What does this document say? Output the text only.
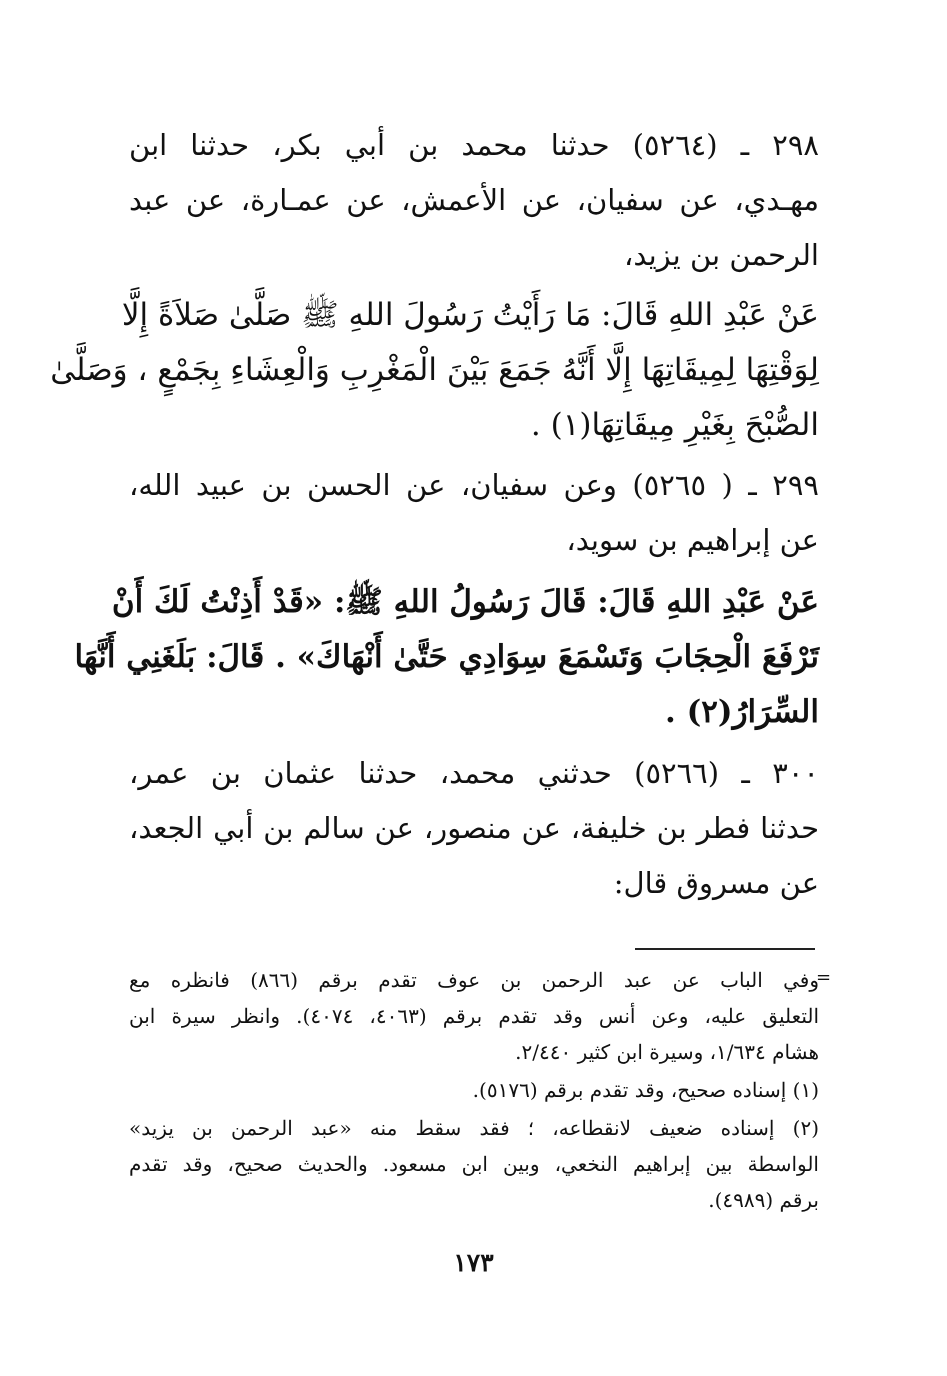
٢٩٨ ـ (٥٢٦٤) حدثنا محمد بن أبي بكر، حدثنا ابن
مهـدي، عن سفيان، عن الأعمش، عن عمـارة، عن عبد
الرحمن بن يزيد،
عَنْ عَبْدِ اللهِ قَالَ: مَا رَأَيْتُ رَسُولَ اللهِ ﷺ صَلَّىٰ صَلاَةً إِلَّا
لِوَقْتِهَا لِمِيقَاتِهَا إِلَّا أَنَّهُ جَمَعَ بَيْنَ الْمَغْرِبِ وَالْعِشَاءِ بِجَمْعٍ ، وَصَلَّىٰ
الصُّبْحَ بِغَيْرِ مِيقَاتِهَا(١) .
٢٩٩ ـ ( ٥٢٦٥) وعن سفيان، عن الحسن بن عبيد الله،
عن إبراهيم بن سويد،
عَنْ عَبْدِ اللهِ قَالَ: قَالَ رَسُولُ اللهِ ﷺ: «قَدْ أَذِنْتُ لَكَ أَنْ
تَرْفَعَ الْحِجَابَ وَتَسْمَعَ سِوَادِي حَتَّىٰ أَنْهَاكَ» . قَالَ: بَلَغَنِي أَنَّهَا
السِّرَارُ(٢) .
٣٠٠ ـ (٥٢٦٦) حدثني محمد، حدثنا عثمان بن عمر،
حدثنا فطر بن خليفة، عن منصور، عن سالم بن أبي الجعد،
عن مسروق قال:
=
وفي الباب عن عبد الرحمن بن عوف تقدم برقم (٨٦٦) فانظره مع
التعليق عليه، وعن أنس وقد تقدم برقم (٤٠٦٣، ٤٠٧٤). وانظر سيرة ابن
هشام ١/٦٣٤، وسيرة ابن كثير ٢/٤٤٠.
(١) إسناده صحيح، وقد تقدم برقم (٥١٧٦).
(٢) إسناده ضعيف لانقطاعه، ؛ فقد سقط منه «عبد الرحمن بن يزيد»
الواسطة بين إبراهيم النخعي، وبين ابن مسعود. والحديث صحيح، وقد تقدم
برقم (٤٩٨٩).
١٧٣
